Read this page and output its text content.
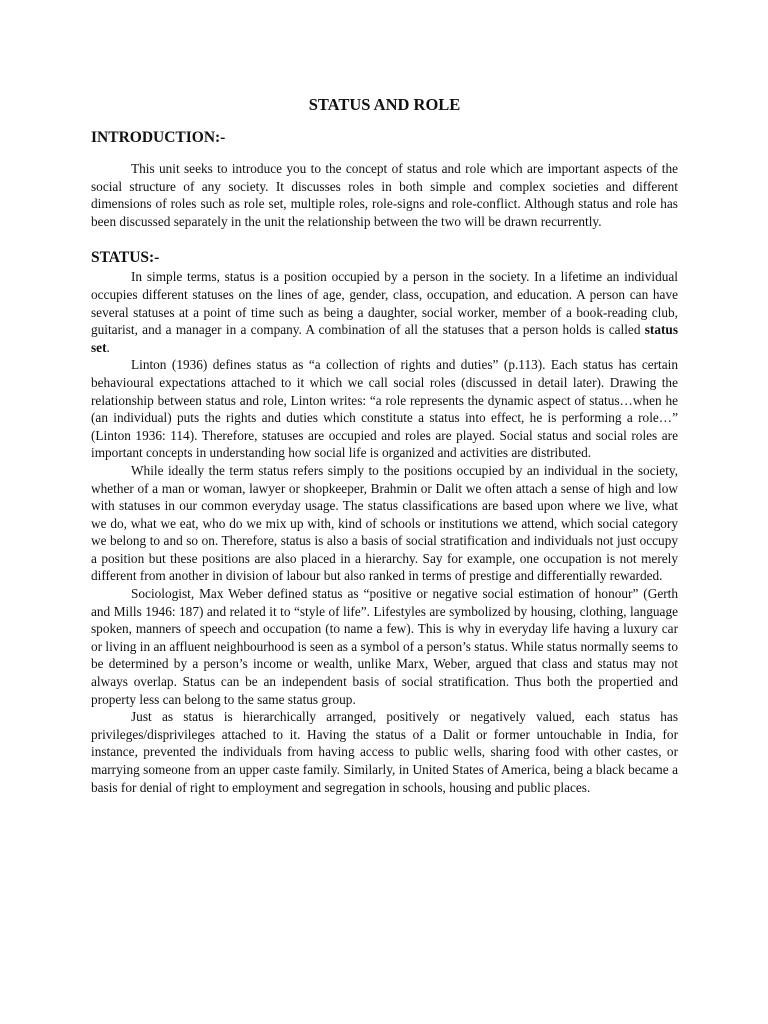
STATUS AND ROLE
INTRODUCTION:-

This unit seeks to introduce you to the concept of status and role which are important aspects of the social structure of any society. It discusses roles in both simple and complex societies and different dimensions of roles such as role set, multiple roles, role-signs and role-conflict. Although status and role has been discussed separately in the unit the relationship between the two will be drawn recurrently.

STATUS:-

In simple terms, status is a position occupied by a person in the society. In a lifetime an individual occupies different statuses on the lines of age, gender, class, occupation, and education. A person can have several statuses at a point of time such as being a daughter, social worker, member of a book-reading club, guitarist, and a manager in a company. A combination of all the statuses that a person holds is called status set.

Linton (1936) defines status as “a collection of rights and duties” (p.113). Each status has certain behavioural expectations attached to it which we call social roles (discussed in detail later). Drawing the relationship between status and role, Linton writes: “a role represents the dynamic aspect of status…when he (an individual) puts the rights and duties which constitute a status into effect, he is performing a role…” (Linton 1936: 114). Therefore, statuses are occupied and roles are played. Social status and social roles are important concepts in understanding how social life is organized and activities are distributed.

While ideally the term status refers simply to the positions occupied by an individual in the society, whether of a man or woman, lawyer or shopkeeper, Brahmin or Dalit we often attach a sense of high and low with statuses in our common everyday usage. The status classifications are based upon where we live, what we do, what we eat, who do we mix up with, kind of schools or institutions we attend, which social category we belong to and so on. Therefore, status is also a basis of social stratification and individuals not just occupy a position but these positions are also placed in a hierarchy. Say for example, one occupation is not merely different from another in division of labour but also ranked in terms of prestige and differentially rewarded.

Sociologist, Max Weber defined status as “positive or negative social estimation of honour” (Gerth and Mills 1946: 187) and related it to “style of life”. Lifestyles are symbolized by housing, clothing, language spoken, manners of speech and occupation (to name a few). This is why in everyday life having a luxury car or living in an affluent neighbourhood is seen as a symbol of a person’s status. While status normally seems to be determined by a person’s income or wealth, unlike Marx, Weber, argued that class and status may not always overlap. Status can be an independent basis of social stratification. Thus both the propertied and property less can belong to the same status group.

Just as status is hierarchically arranged, positively or negatively valued, each status has privileges/disprivileges attached to it. Having the status of a Dalit or former untouchable in India, for instance, prevented the individuals from having access to public wells, sharing food with other castes, or marrying someone from an upper caste family. Similarly, in United States of America, being a black became a basis for denial of right to employment and segregation in schools, housing and public places.
